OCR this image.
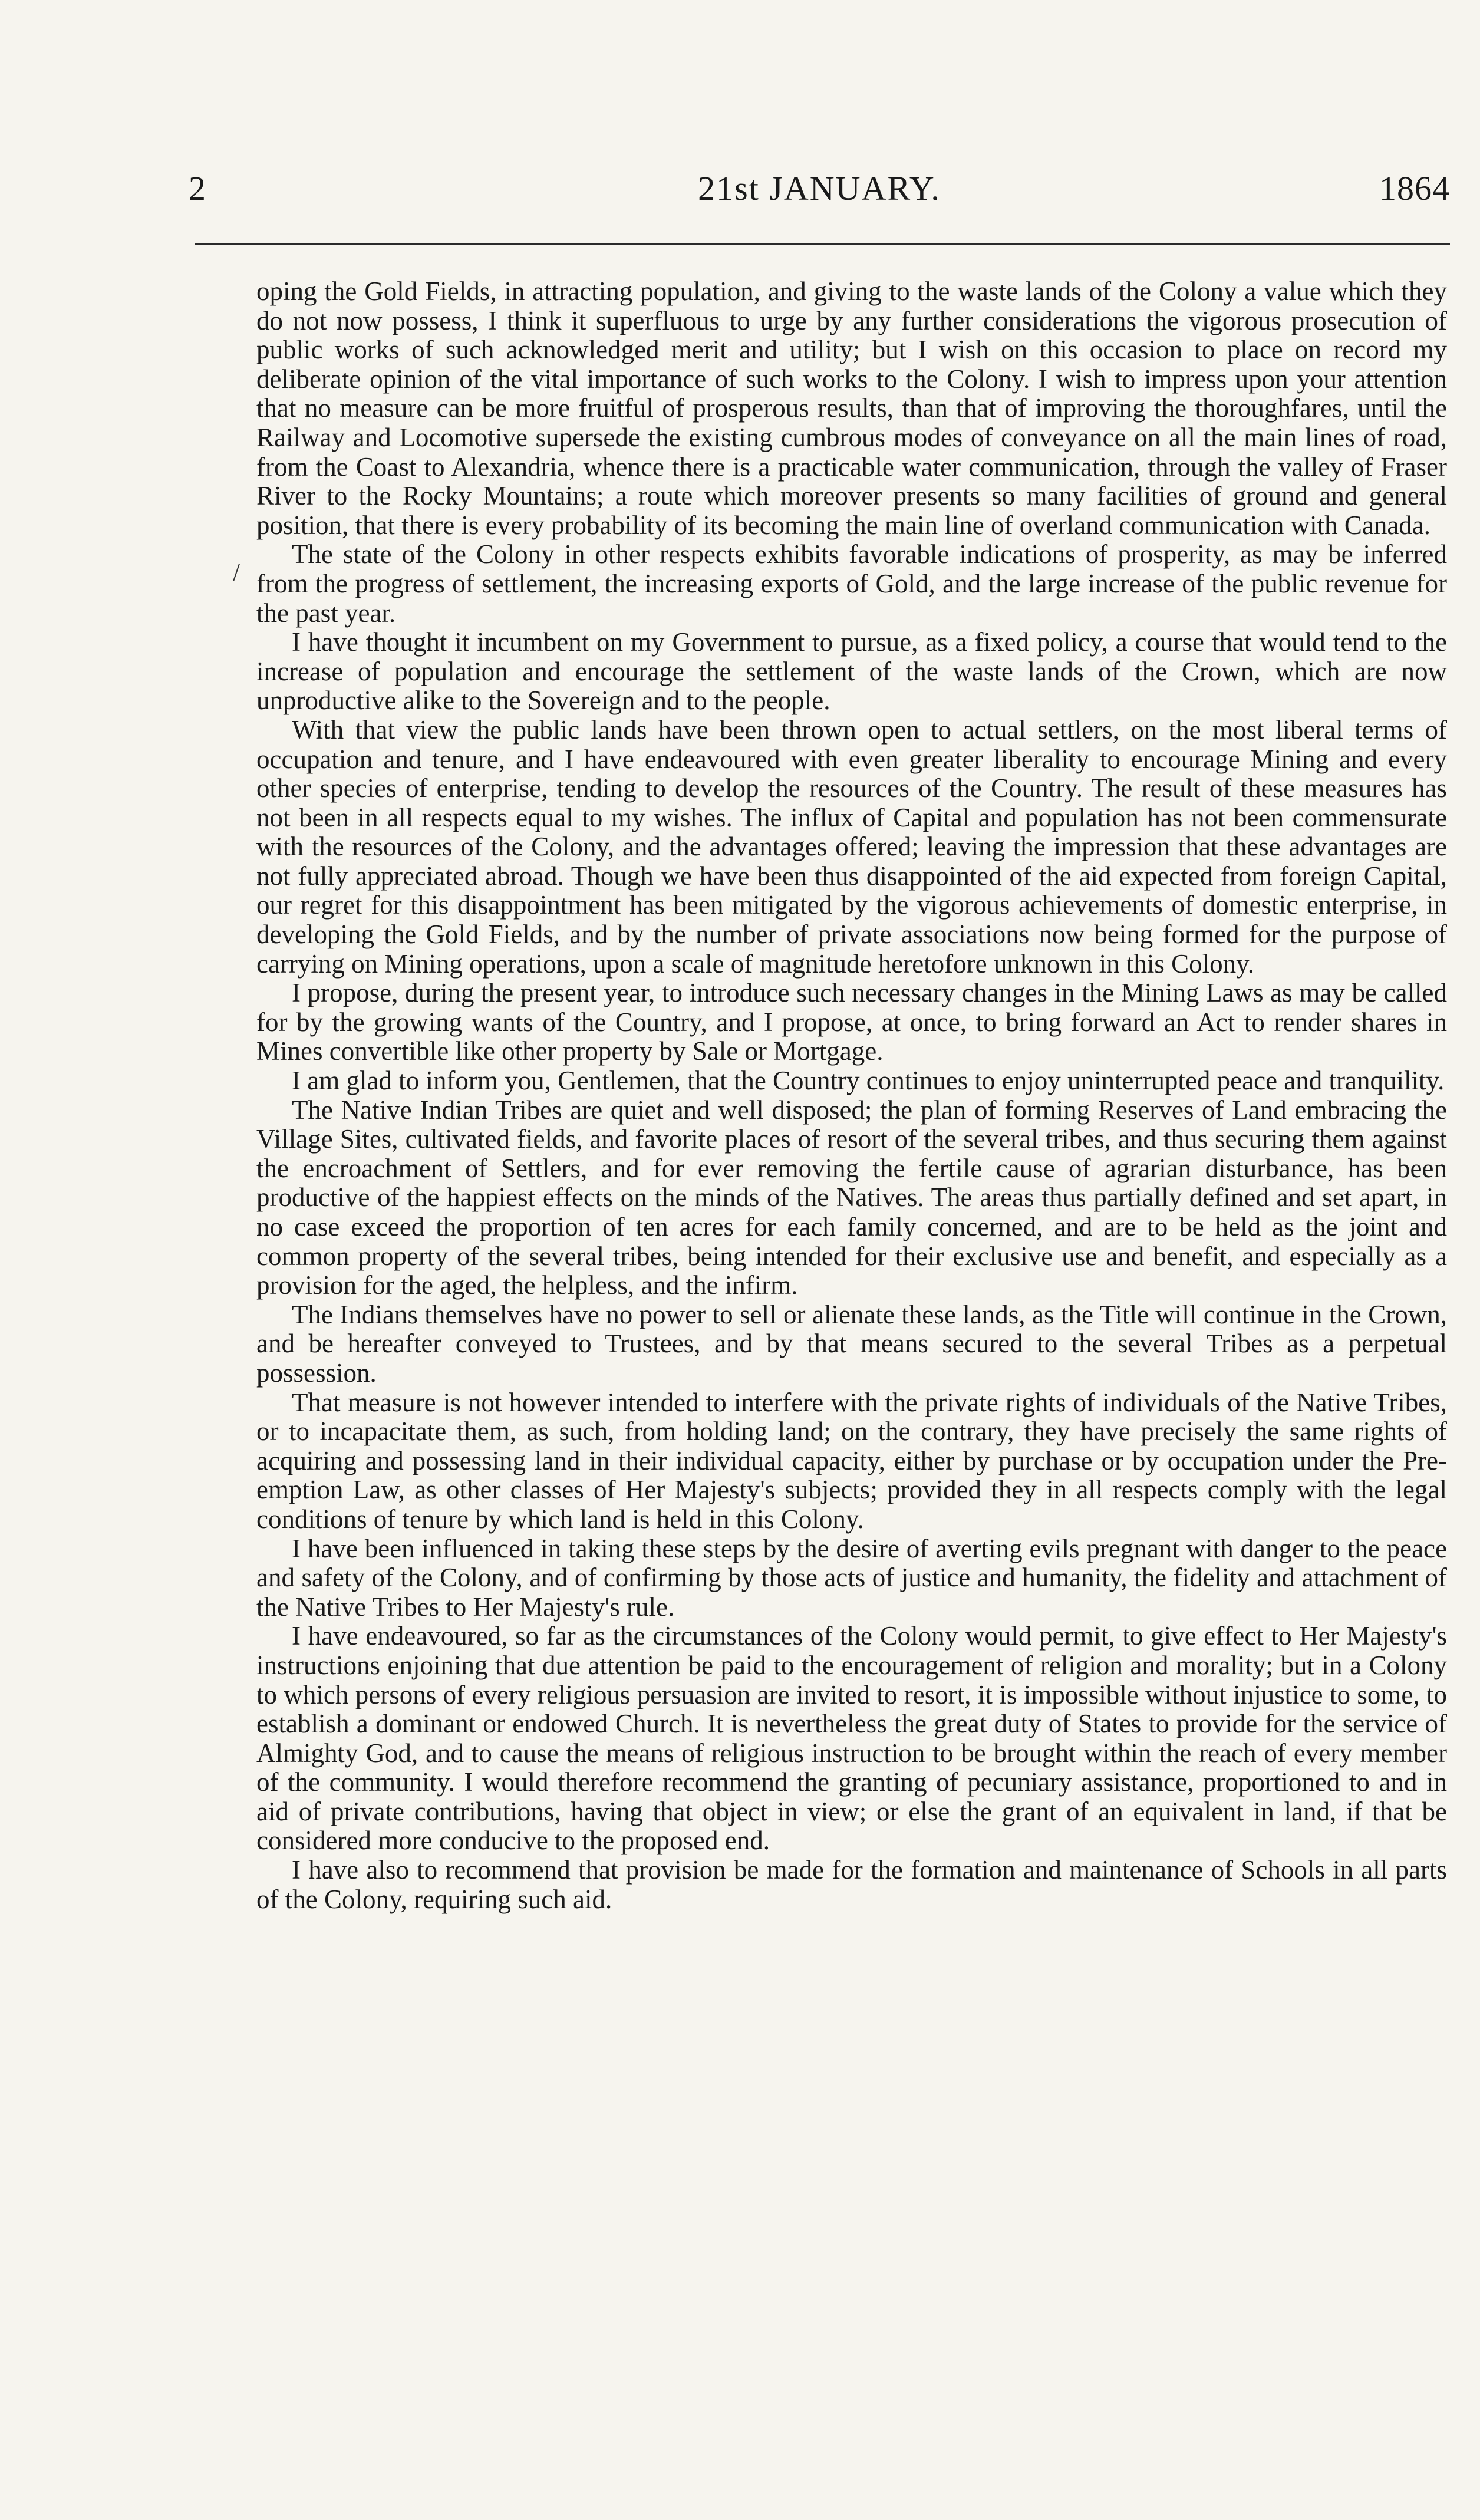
2	21st JANUARY.	1864
/

oping the Gold Fields, in attracting population, and giving to the waste lands of the Colony a value which they do not now possess, I think it superfluous to urge by any further considerations the vigorous prosecution of public works of such acknowledged merit and utility; but I wish on this occasion to place on record my deliberate opinion of the vital importance of such works to the Colony. I wish to impress upon your attention that no measure can be more fruitful of prosperous results, than that of improving the thoroughfares, until the Railway and Locomotive supersede the existing cumbrous modes of conveyance on all the main lines of road, from the Coast to Alexandria, whence there is a practicable water communication, through the valley of Fraser River to the Rocky Mountains; a route which moreover presents so many facilities of ground and general position, that there is every probability of its becoming the main line of overland communication with Canada.

The state of the Colony in other respects exhibits favorable indications of prosperity, as may be inferred from the progress of settlement, the increasing exports of Gold, and the large increase of the public revenue for the past year.

I have thought it incumbent on my Government to pursue, as a fixed policy, a course that would tend to the increase of population and encourage the settlement of the waste lands of the Crown, which are now unproductive alike to the Sovereign and to the people.

With that view the public lands have been thrown open to actual settlers, on the most liberal terms of occupation and tenure, and I have endeavoured with even greater liberality to encourage Mining and every other species of enterprise, tending to develop the resources of the Country. The result of these measures has not been in all respects equal to my wishes. The influx of Capital and population has not been commensurate with the resources of the Colony, and the advantages offered; leaving the impression that these advantages are not fully appreciated abroad. Though we have been thus disappointed of the aid expected from foreign Capital, our regret for this disappointment has been mitigated by the vigorous achievements of domestic enterprise, in developing the Gold Fields, and by the number of private associations now being formed for the purpose of carrying on Mining operations, upon a scale of magnitude heretofore unknown in this Colony.

I propose, during the present year, to introduce such necessary changes in the Mining Laws as may be called for by the growing wants of the Country, and I propose, at once, to bring forward an Act to render shares in Mines convertible like other property by Sale or Mortgage.

I am glad to inform you, Gentlemen, that the Country continues to enjoy uninterrupted peace and tranquility.

The Native Indian Tribes are quiet and well disposed; the plan of forming Reserves of Land embracing the Village Sites, cultivated fields, and favorite places of resort of the several tribes, and thus securing them against the encroachment of Settlers, and for ever removing the fertile cause of agrarian disturbance, has been productive of the happiest effects on the minds of the Natives. The areas thus partially defined and set apart, in no case exceed the proportion of ten acres for each family concerned, and are to be held as the joint and common property of the several tribes, being intended for their exclusive use and benefit, and especially as a provision for the aged, the helpless, and the infirm.

The Indians themselves have no power to sell or alienate these lands, as the Title will continue in the Crown, and be hereafter conveyed to Trustees, and by that means secured to the several Tribes as a perpetual possession.

That measure is not however intended to interfere with the private rights of individuals of the Native Tribes, or to incapacitate them, as such, from holding land; on the contrary, they have precisely the same rights of acquiring and possessing land in their individual capacity, either by purchase or by occupation under the Pre-emption Law, as other classes of Her Majesty's subjects; provided they in all respects comply with the legal conditions of tenure by which land is held in this Colony.

I have been influenced in taking these steps by the desire of averting evils pregnant with danger to the peace and safety of the Colony, and of confirming by those acts of justice and humanity, the fidelity and attachment of the Native Tribes to Her Majesty's rule.

I have endeavoured, so far as the circumstances of the Colony would permit, to give effect to Her Majesty's instructions enjoining that due attention be paid to the encouragement of religion and morality; but in a Colony to which persons of every religious persuasion are invited to resort, it is impossible without injustice to some, to establish a dominant or endowed Church. It is nevertheless the great duty of States to provide for the service of Almighty God, and to cause the means of religious instruction to be brought within the reach of every member of the community. I would therefore recommend the granting of pecuniary assistance, proportioned to and in aid of private contributions, having that object in view; or else the grant of an equivalent in land, if that be considered more conducive to the proposed end.

I have also to recommend that provision be made for the formation and maintenance of Schools in all parts of the Colony, requiring such aid.
